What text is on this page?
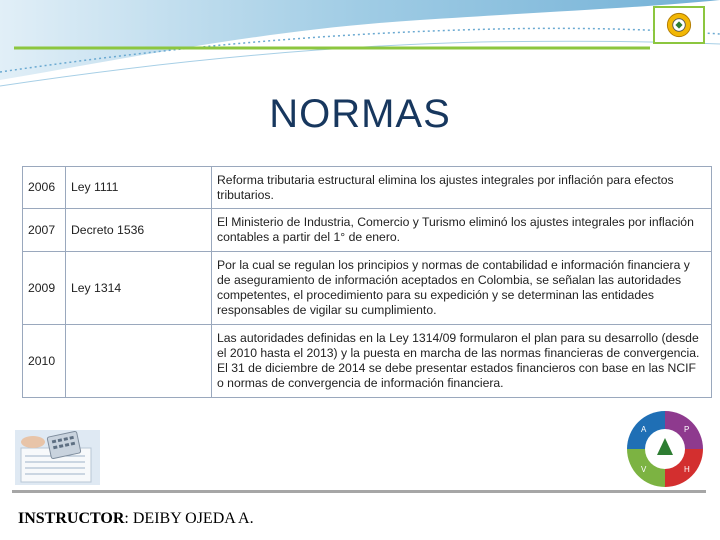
NORMAS
2006	Ley 1111	Reforma tributaria estructural elimina los ajustes integrales por inflación para efectos tributarios.
2007	Decreto 1536	El Ministerio de Industria, Comercio y Turismo eliminó los ajustes integrales por inflación contables a partir del 1° de enero.
2009	Ley 1314	Por la cual se regulan los principios y normas de contabilidad e información financiera y de aseguramiento de información aceptados en Colombia, se señalan las autoridades competentes, el procedimiento para su expedición y se determinan las entidades responsables de vigilar su cumplimiento.
2010		Las autoridades definidas en la Ley 1314/09 formularon el plan para su desarrollo (desde el 2010 hasta el 2013) y la puesta en marcha de las normas financieras de convergencia. El 31 de diciembre de 2014 se debe presentar estados financieros con base en las NCIF o normas de convergencia de información financiera.
A	P
V	H
INSTRUCTOR: DEIBY OJEDA A.
